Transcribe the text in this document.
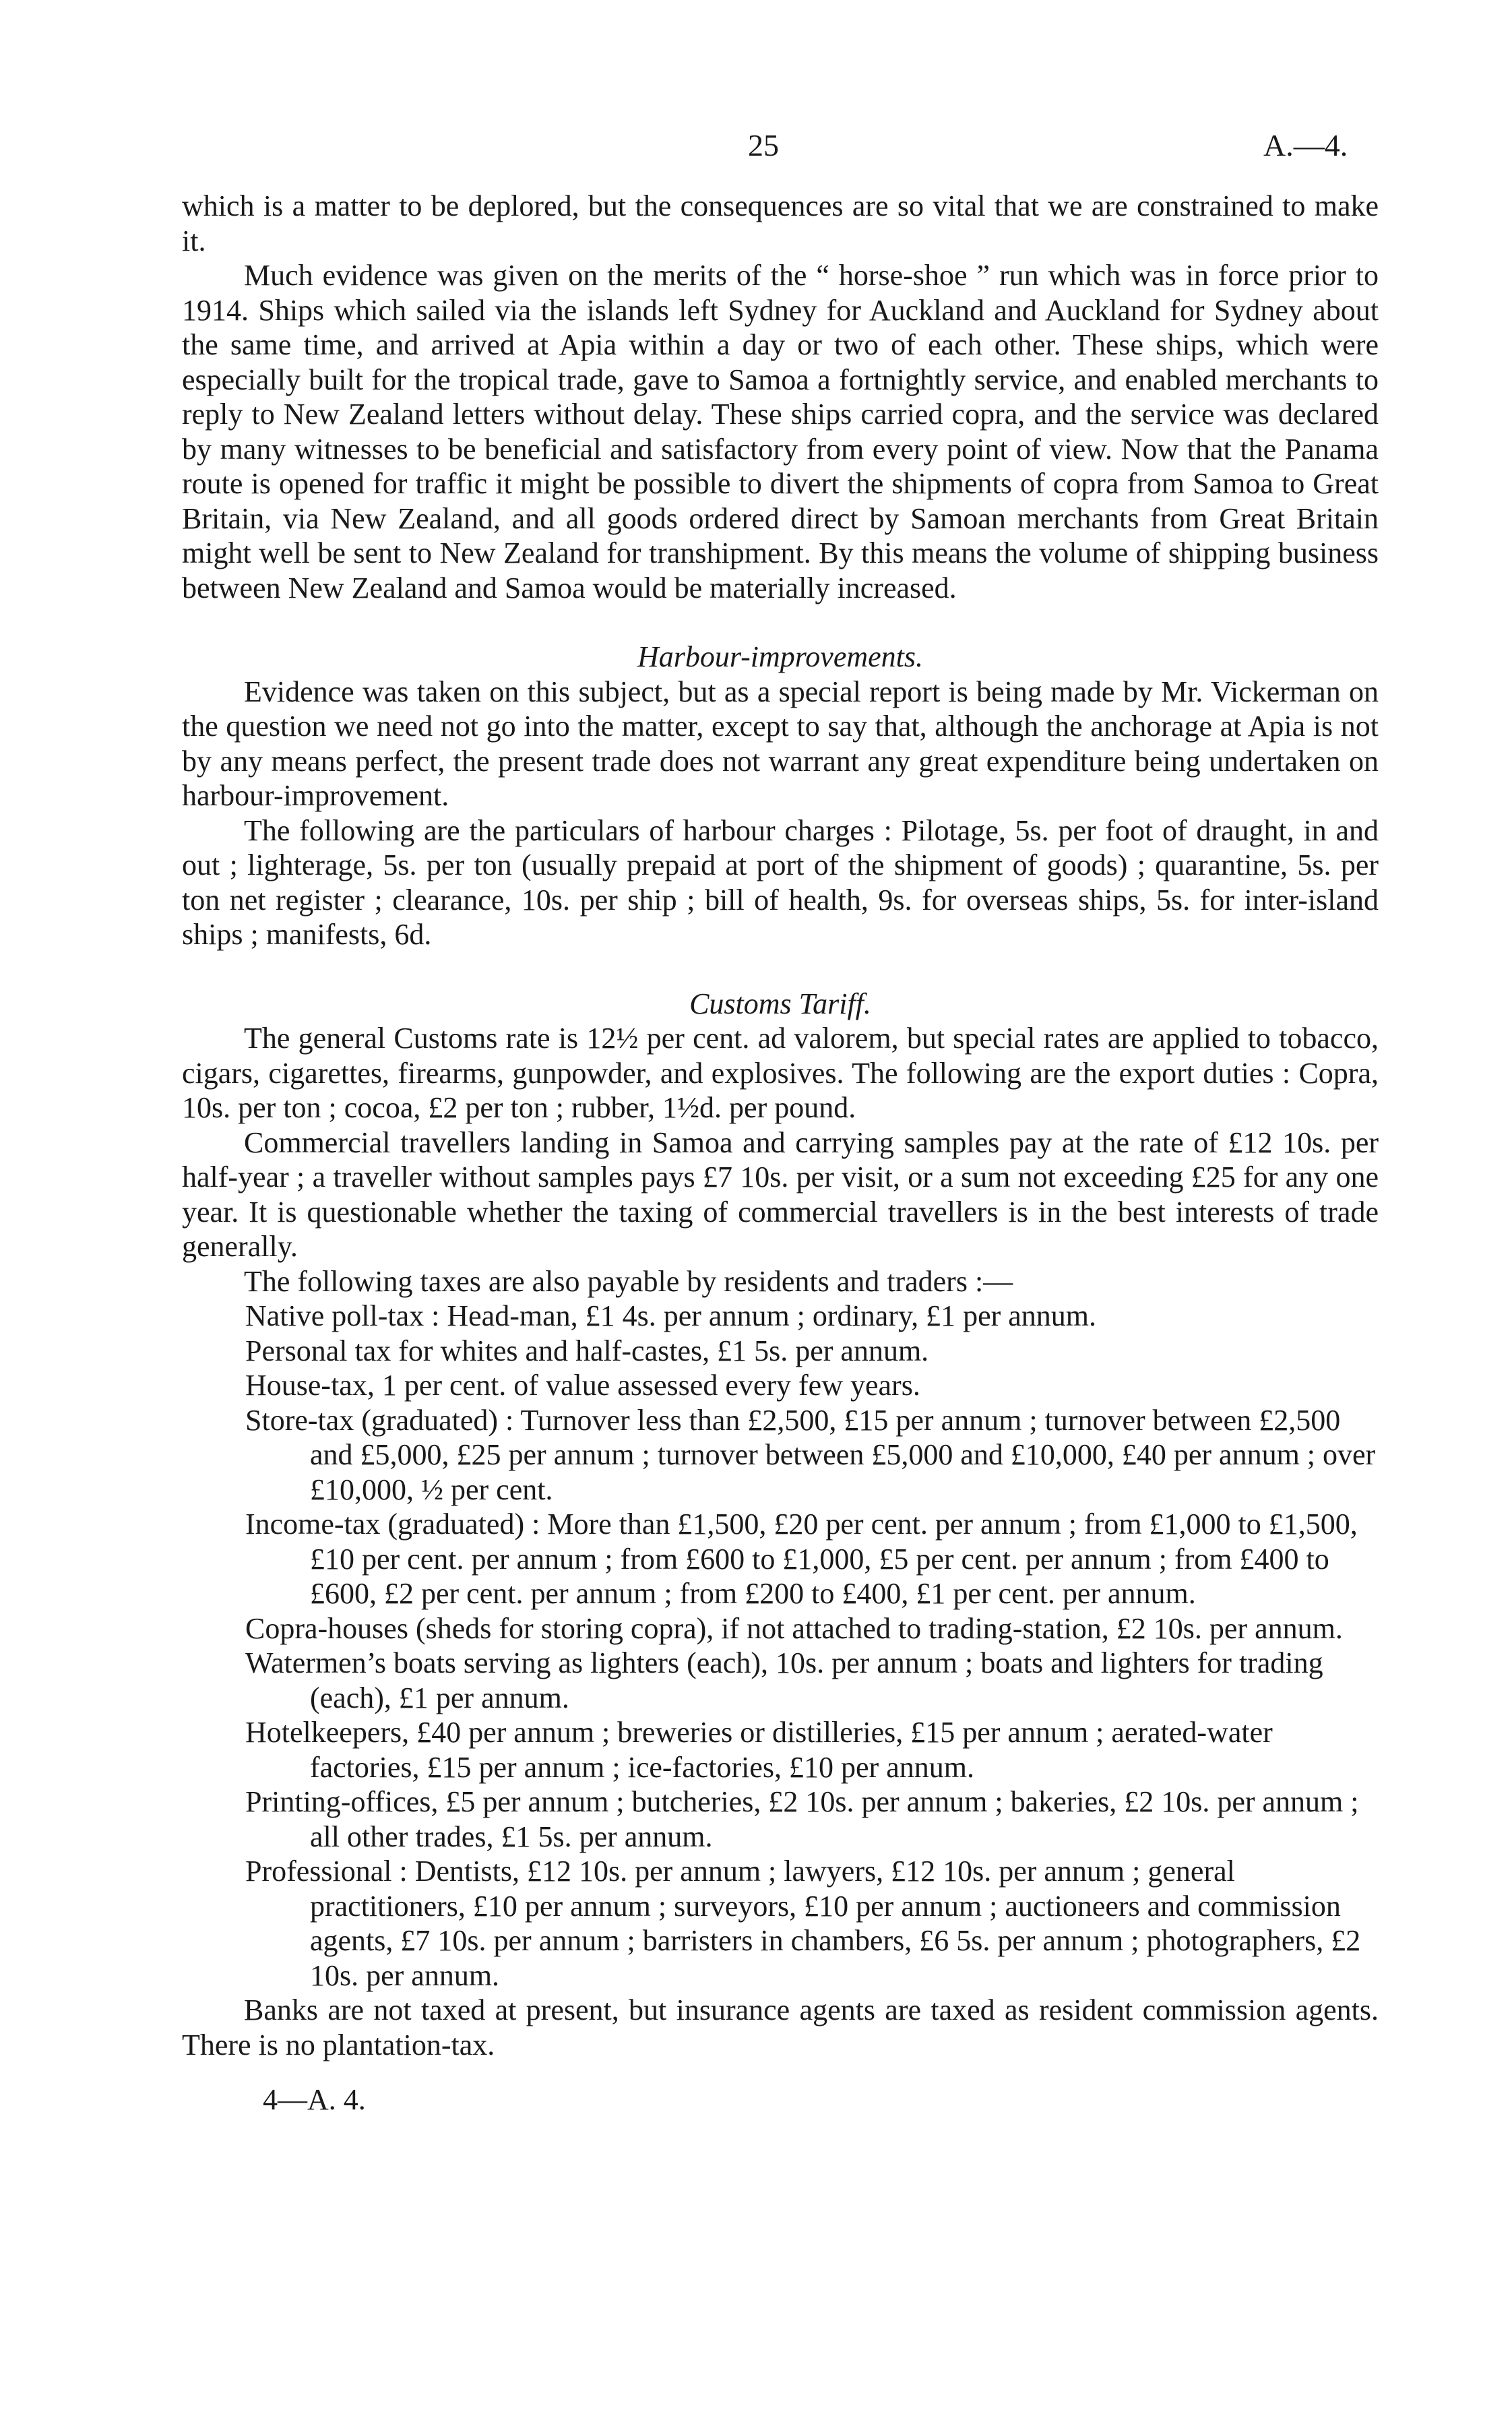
25	A.—4.

which is a matter to be deplored, but the consequences are so vital that we are constrained to make it.

Much evidence was given on the merits of the “ horse-shoe ” run which was in force prior to 1914. Ships which sailed via the islands left Sydney for Auckland and Auckland for Sydney about the same time, and arrived at Apia within a day or two of each other. These ships, which were especially built for the tropical trade, gave to Samoa a fortnightly service, and enabled merchants to reply to New Zealand letters without delay. These ships carried copra, and the service was declared by many witnesses to be beneficial and satisfactory from every point of view. Now that the Panama route is opened for traffic it might be possible to divert the shipments of copra from Samoa to Great Britain, via New Zealand, and all goods ordered direct by Samoan merchants from Great Britain might well be sent to New Zealand for transhipment. By this means the volume of shipping business between New Zealand and Samoa would be materially increased.

Harbour-improvements.

Evidence was taken on this subject, but as a special report is being made by Mr. Vickerman on the question we need not go into the matter, except to say that, although the anchorage at Apia is not by any means perfect, the present trade does not warrant any great expenditure being undertaken on harbour-improvement.

The following are the particulars of harbour charges : Pilotage, 5s. per foot of draught, in and out ; lighterage, 5s. per ton (usually prepaid at port of the shipment of goods) ; quarantine, 5s. per ton net register ; clearance, 10s. per ship ; bill of health, 9s. for overseas ships, 5s. for inter-island ships ; manifests, 6d.

Customs Tariff.

The general Customs rate is 12½ per cent. ad valorem, but special rates are applied to tobacco, cigars, cigarettes, firearms, gunpowder, and explosives. The following are the export duties : Copra, 10s. per ton ; cocoa, £2 per ton ; rubber, 1½d. per pound.

Commercial travellers landing in Samoa and carrying samples pay at the rate of £12 10s. per half-year ; a traveller without samples pays £7 10s. per visit, or a sum not exceeding £25 for any one year. It is questionable whether the taxing of commercial travellers is in the best interests of trade generally.

The following taxes are also payable by residents and traders :—

Native poll-tax : Head-man, £1 4s. per annum ; ordinary, £1 per annum.
Personal tax for whites and half-castes, £1 5s. per annum.
House-tax, 1 per cent. of value assessed every few years.
Store-tax (graduated) : Turnover less than £2,500, £15 per annum ; turnover between £2,500 and £5,000, £25 per annum ; turnover between £5,000 and £10,000, £40 per annum ; over £10,000, ½ per cent.
Income-tax (graduated) : More than £1,500, £20 per cent. per annum ; from £1,000 to £1,500, £10 per cent. per annum ; from £600 to £1,000, £5 per cent. per annum ; from £400 to £600, £2 per cent. per annum ; from £200 to £400, £1 per cent. per annum.
Copra-houses (sheds for storing copra), if not attached to trading-station, £2 10s. per annum.
Watermen’s boats serving as lighters (each), 10s. per annum ; boats and lighters for trading (each), £1 per annum.
Hotelkeepers, £40 per annum ; breweries or distilleries, £15 per annum ; aerated-water factories, £15 per annum ; ice-factories, £10 per annum.
Printing-offices, £5 per annum ; butcheries, £2 10s. per annum ; bakeries, £2 10s. per annum ; all other trades, £1 5s. per annum.
Professional : Dentists, £12 10s. per annum ; lawyers, £12 10s. per annum ; general practitioners, £10 per annum ; surveyors, £10 per annum ; auctioneers and commission agents, £7 10s. per annum ; barristers in chambers, £6 5s. per annum ; photographers, £2 10s. per annum.

Banks are not taxed at present, but insurance agents are taxed as resident commission agents. There is no plantation-tax.

4—A. 4.
